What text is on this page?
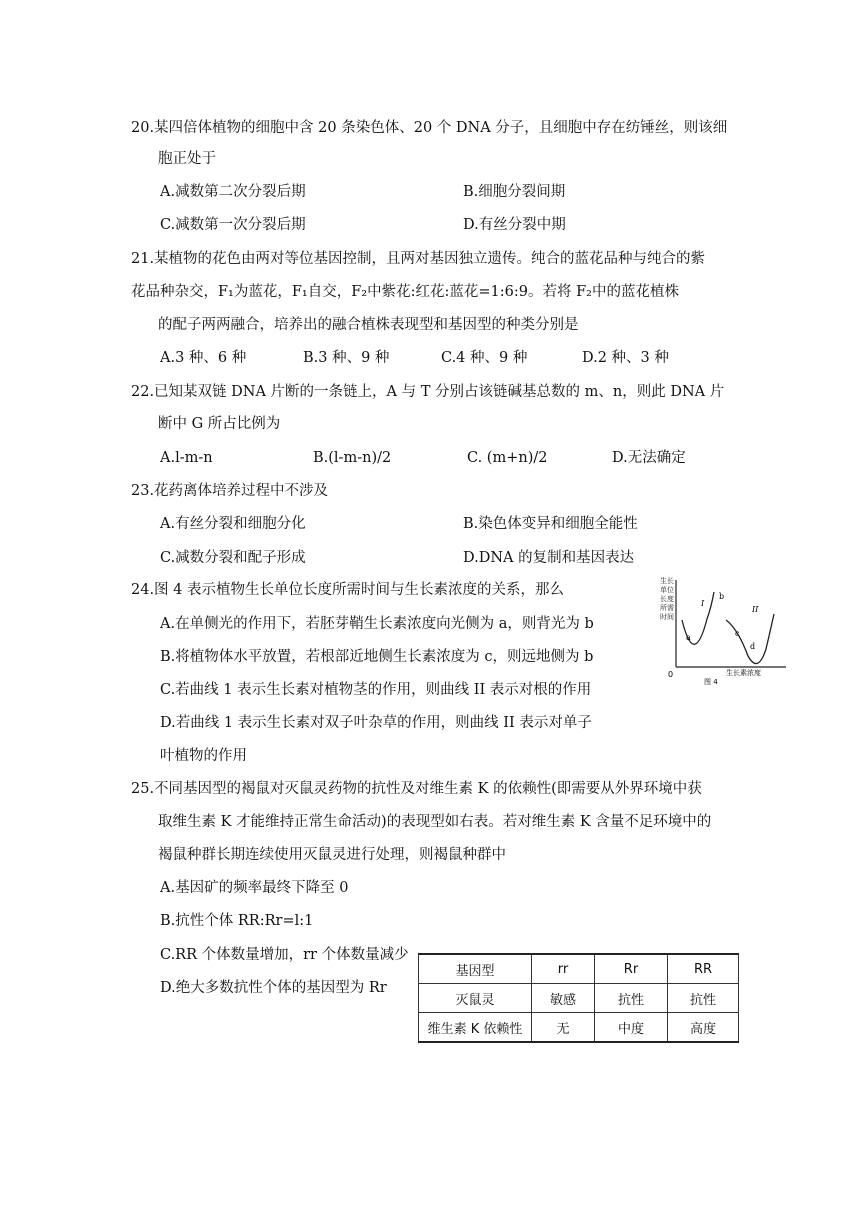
20.某四倍体植物的细胞中含 20 条染色体、20 个 DNA 分子，且细胞中存在纺锤丝，则该细
胞正处于
A.减数第二次分裂后期	B.细胞分裂间期
C.减数第一次分裂后期	D.有丝分裂中期
21.某植物的花色由两对等位基因控制，且两对基因独立遗传。纯合的蓝花品种与纯合的紫
花品种杂交，F₁为蓝花，F₁自交，F₂中紫花:红花:蓝花=1:6:9。若将 F₂中的蓝花植株
的配子两两融合，培养出的融合植株表现型和基因型的种类分别是
A.3 种、6 种	B.3 种、9 种	C.4 种、9 种	D.2 种、3 种
22.已知某双链 DNA 片断的一条链上，A 与 T 分别占该链碱基总数的 m、n，则此 DNA 片
断中 G 所占比例为
A.l-m-n	B.(l-m-n)/2	C. (m+n)/2	D.无法确定
23.花药离体培养过程中不涉及
A.有丝分裂和细胞分化	B.染色体变异和细胞全能性
C.减数分裂和配子形成	D.DNA 的复制和基因表达
24.图 4 表示植物生长单位长度所需时间与生长素浓度的关系，那么
A.在单侧光的作用下，若胚芽鞘生长素浓度向光侧为 a，则背光为 b
B.将植物体水平放置，若根部近地侧生长素浓度为 c，则远地侧为 b
C.若曲线 1 表示生长素对植物茎的作用，则曲线 II 表示对根的作用
D.若曲线 1 表示生长素对双子叶杂草的作用，则曲线 II 表示对单子
叶植物的作用
生长 单位 长度 所需 时间
0	生长素浓度
I
II
a
b
c
d
图 4
25.不同基因型的褐鼠对灭鼠灵药物的抗性及对维生素 K 的依赖性(即需要从外界环境中获
取维生素 K 才能维持正常生命活动)的表现型如右表。若对维生素 K 含量不足环境中的
褐鼠种群长期连续使用灭鼠灵进行处理，则褐鼠种群中
A.基因矿的频率最终下降至 0
B.抗性个体 RR:Rr=l:1
C.RR 个体数量增加，rr 个体数量减少
D.绝大多数抗性个体的基因型为 Rr
基因型	rr	Rr	RR
灭鼠灵	敏感	抗性	抗性
维生素 K 依赖性	无	中度	高度
